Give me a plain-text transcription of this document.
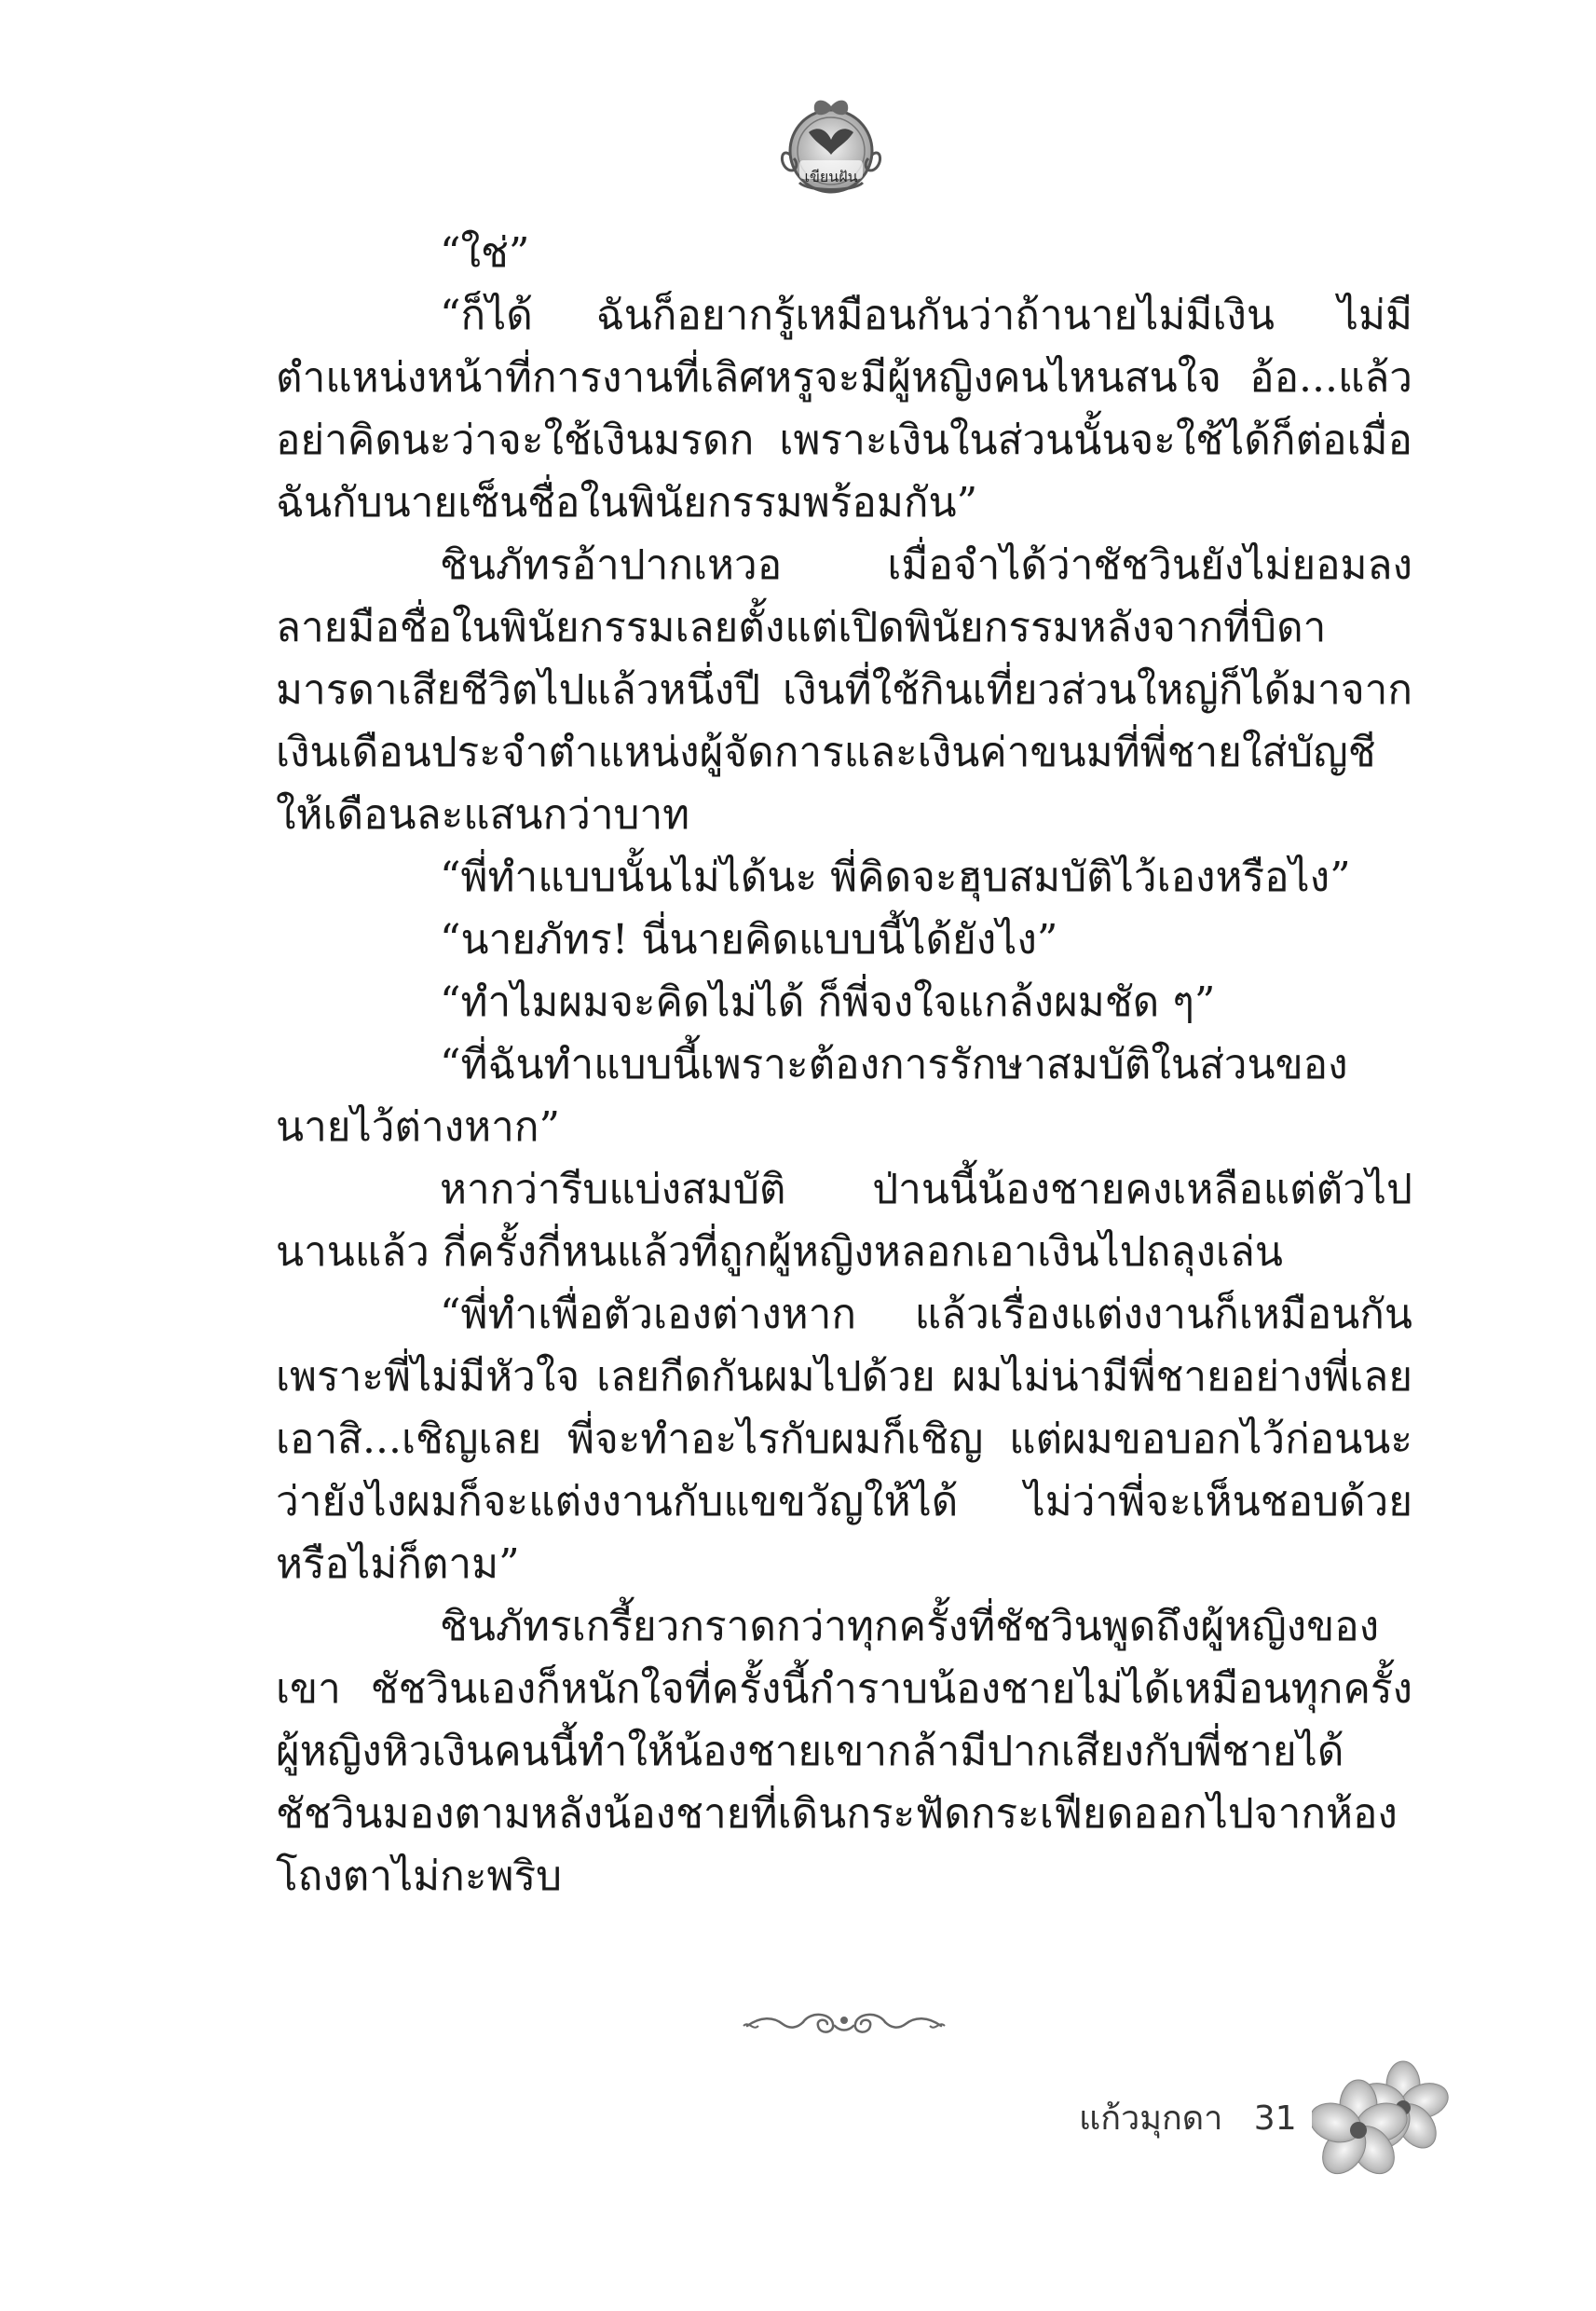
เขียนฝัน

“ใช่”

“ก็ได้ ฉันก็อยากรู้เหมือนกันว่าถ้านายไม่มีเงิน ไม่มีตำแหน่งหน้าที่การงานที่เลิศหรูจะมีผู้หญิงคนไหนสนใจ อ้อ...แล้วอย่าคิดนะว่าจะใช้เงินมรดก เพราะเงินในส่วนนั้นจะใช้ได้ก็ต่อเมื่อฉันกับนายเซ็นชื่อในพินัยกรรมพร้อมกัน”

ชินภัทรอ้าปากเหวอ เมื่อจำได้ว่าชัชวินยังไม่ยอมลงลายมือชื่อในพินัยกรรมเลยตั้งแต่เปิดพินัยกรรมหลังจากที่บิดามารดาเสียชีวิตไปแล้วหนึ่งปี เงินที่ใช้กินเที่ยวส่วนใหญ่ก็ได้มาจากเงินเดือนประจำตำแหน่งผู้จัดการและเงินค่าขนมที่พี่ชายใส่บัญชีให้เดือนละแสนกว่าบาท

“พี่ทำแบบนั้นไม่ได้นะ พี่คิดจะฮุบสมบัติไว้เองหรือไง”

“นายภัทร! นี่นายคิดแบบนี้ได้ยังไง”

“ทำไมผมจะคิดไม่ได้ ก็พี่จงใจแกล้งผมชัด ๆ”

“ที่ฉันทำแบบนี้เพราะต้องการรักษาสมบัติในส่วนของนายไว้ต่างหาก”

หากว่ารีบแบ่งสมบัติ ป่านนี้น้องชายคงเหลือแต่ตัวไปนานแล้ว กี่ครั้งกี่หนแล้วที่ถูกผู้หญิงหลอกเอาเงินไปถลุงเล่น

“พี่ทำเพื่อตัวเองต่างหาก แล้วเรื่องแต่งงานก็เหมือนกันเพราะพี่ไม่มีหัวใจ เลยกีดกันผมไปด้วย ผมไม่น่ามีพี่ชายอย่างพี่เลยเอาสิ...เชิญเลย พี่จะทำอะไรกับผมก็เชิญ แต่ผมขอบอกไว้ก่อนนะว่ายังไงผมก็จะแต่งงานกับแขขวัญให้ได้ ไม่ว่าพี่จะเห็นชอบด้วยหรือไม่ก็ตาม”

ชินภัทรเกรี้ยวกราดกว่าทุกครั้งที่ชัชวินพูดถึงผู้หญิงของเขา ชัชวินเองก็หนักใจที่ครั้งนี้กำราบน้องชายไม่ได้เหมือนทุกครั้ง ผู้หญิงหิวเงินคนนี้ทำให้น้องชายเขากล้ามีปากเสียงกับพี่ชายได้ ชัชวินมองตามหลังน้องชายที่เดินกระฟัดกระเฟียดออกไปจากห้องโถงตาไม่กะพริบ

แก้วมุกดา 31
